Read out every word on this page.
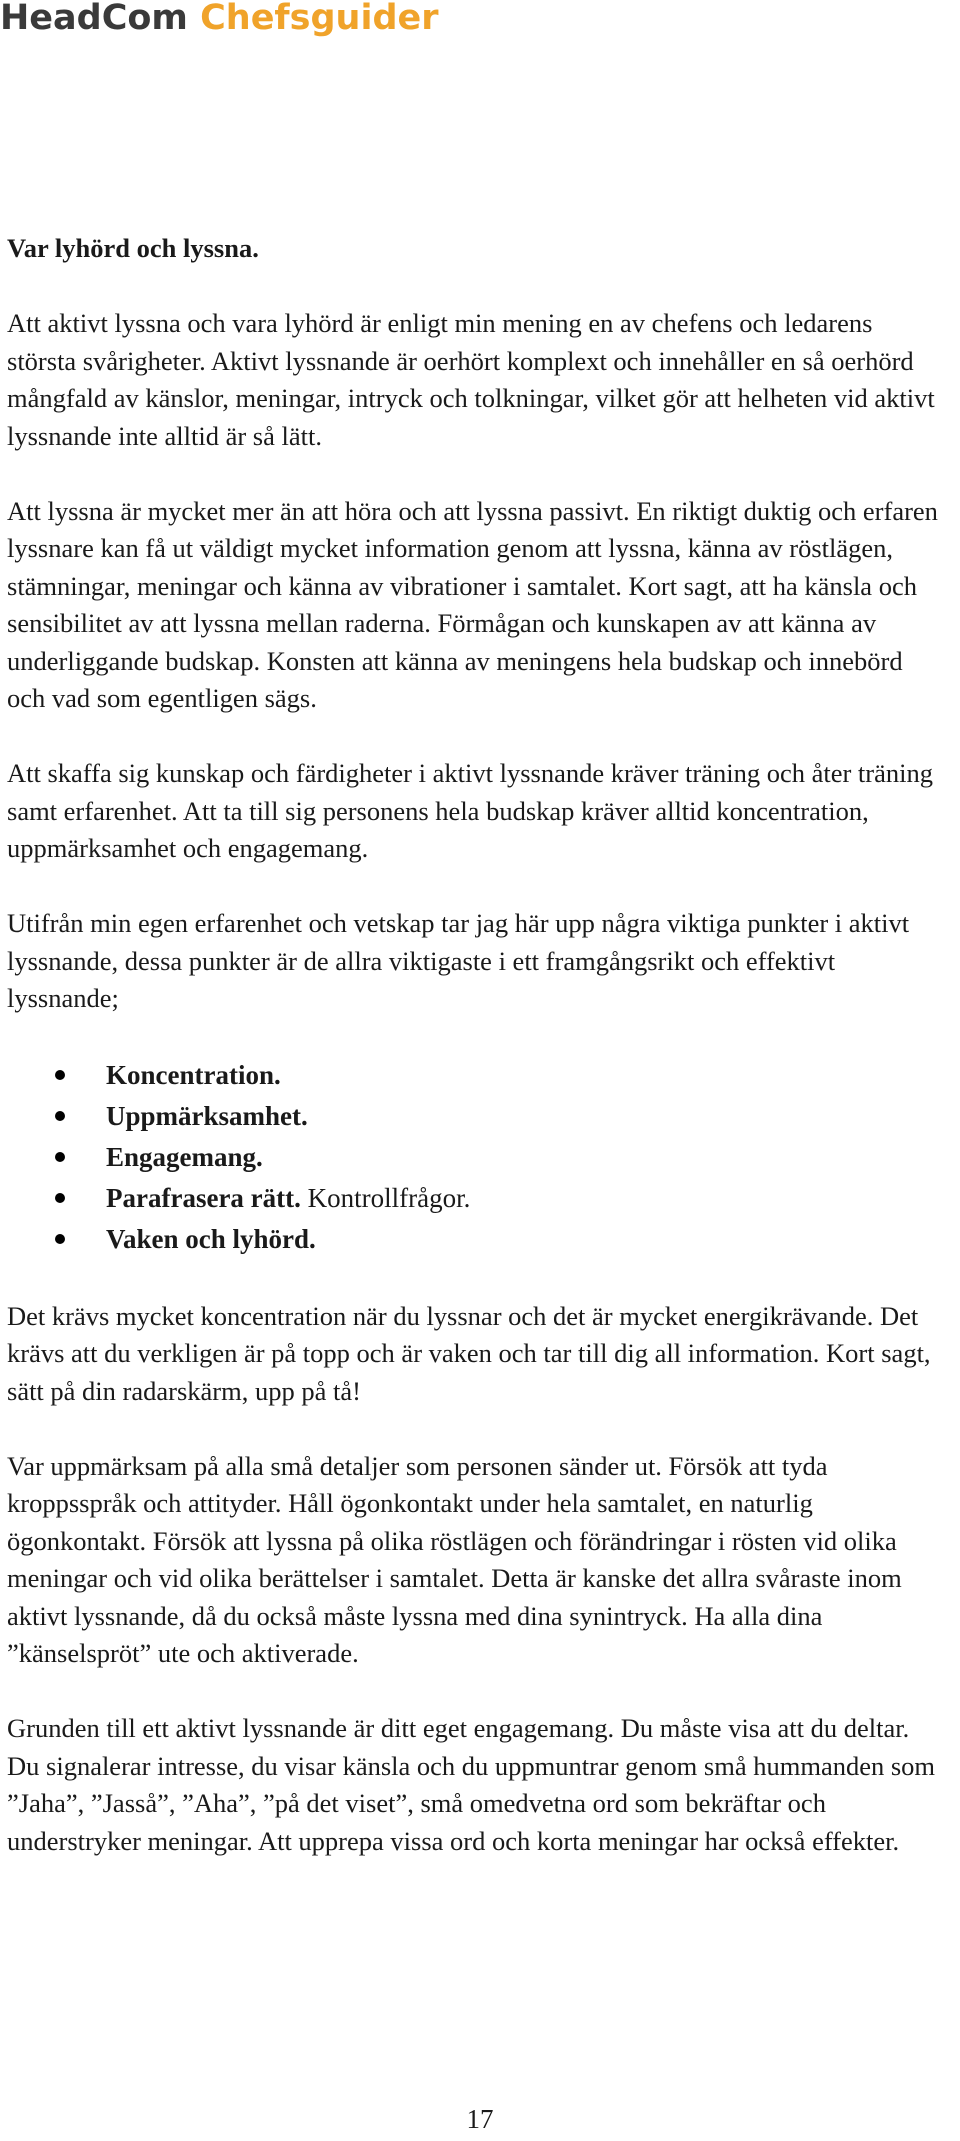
HeadCom Chefsguider

Var lyhörd och lyssna.

Att aktivt lyssna och vara lyhörd är enligt min mening en av chefens och ledarens största svårigheter. Aktivt lyssnande är oerhört komplext och innehåller en så oerhörd mångfald av känslor, meningar, intryck och tolkningar, vilket gör att helheten vid aktivt lyssnande inte alltid är så lätt.

Att lyssna är mycket mer än att höra och att lyssna passivt. En riktigt duktig och erfaren lyssnare kan få ut väldigt mycket information genom att lyssna, känna av röstlägen, stämningar, meningar och känna av vibrationer i samtalet. Kort sagt, att ha känsla och sensibilitet av att lyssna mellan raderna. Förmågan och kunskapen av att känna av underliggande budskap. Konsten att känna av meningens hela budskap och innebörd och vad som egentligen sägs.

Att skaffa sig kunskap och färdigheter i aktivt lyssnande kräver träning och åter träning samt erfarenhet. Att ta till sig personens hela budskap kräver alltid koncentration, uppmärksamhet och engagemang.

Utifrån min egen erfarenhet och vetskap tar jag här upp några viktiga punkter i aktivt lyssnande, dessa punkter är de allra viktigaste i ett framgångsrikt och effektivt lyssnande;

Koncentration.
Uppmärksamhet.
Engagemang.
Parafrasera rätt. Kontrollfrågor.
Vaken och lyhörd.

Det krävs mycket koncentration när du lyssnar och det är mycket energikrävande. Det krävs att du verkligen är på topp och är vaken och tar till dig all information. Kort sagt, sätt på din radarskärm, upp på tå!

Var uppmärksam på alla små detaljer som personen sänder ut. Försök att tyda kroppsspråk och attityder. Håll ögonkontakt under hela samtalet, en naturlig ögonkontakt. Försök att lyssna på olika röstlägen och förändringar i rösten vid olika meningar och vid olika berättelser i samtalet. Detta är kanske det allra svåraste inom aktivt lyssnande, då du också måste lyssna med dina synintryck. Ha alla dina ”känselspröt” ute och aktiverade.

Grunden till ett aktivt lyssnande är ditt eget engagemang. Du måste visa att du deltar. Du signalerar intresse, du visar känsla och du uppmuntrar genom små hummanden som ”Jaha”, ”Jasså”, ”Aha”, ”på det viset”, små omedvetna ord som bekräftar och understryker meningar. Att upprepa vissa ord och korta meningar har också effekter.

17
